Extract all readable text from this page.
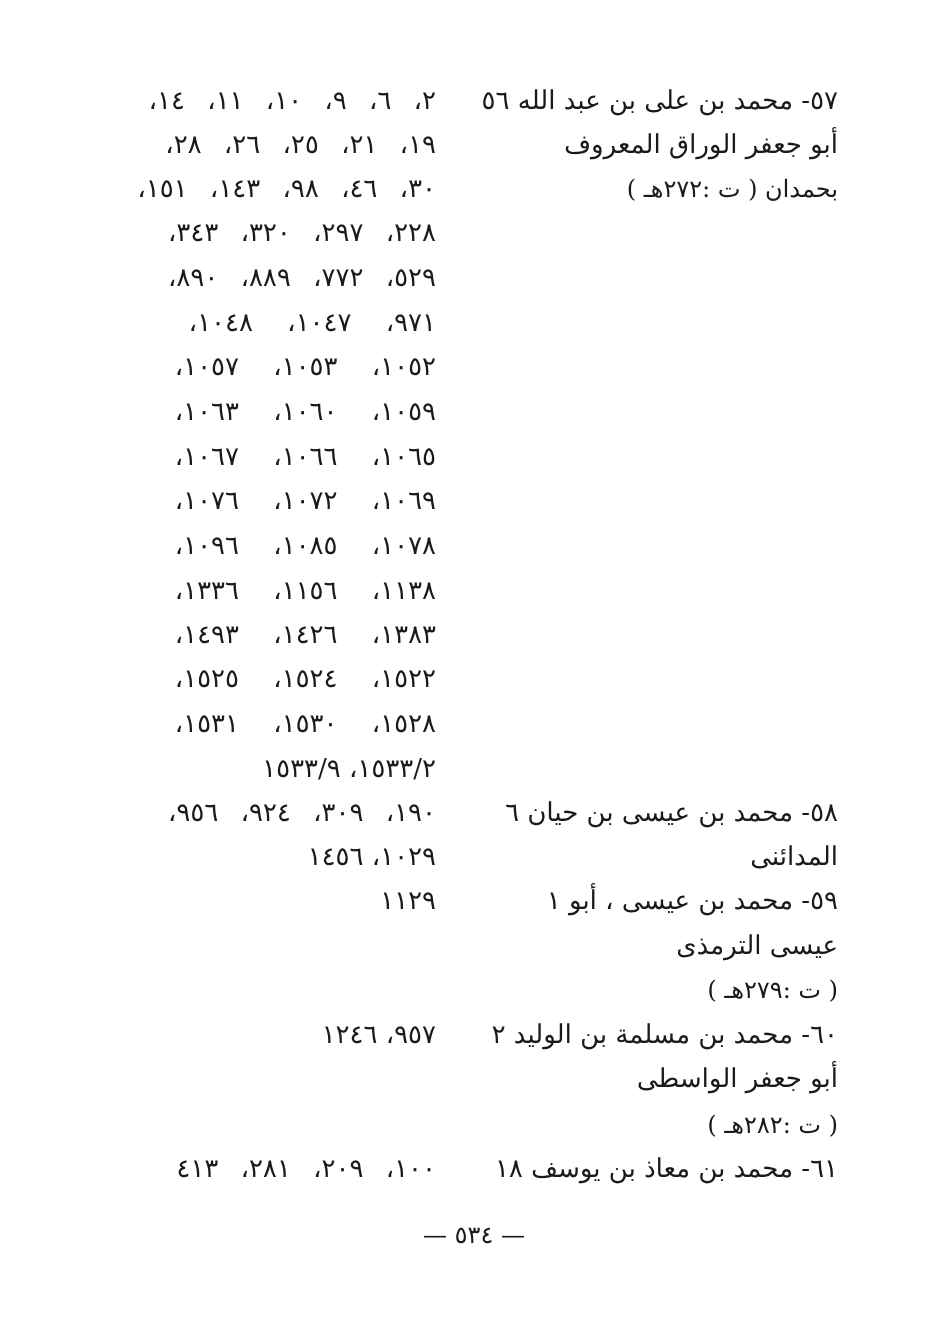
٥٧- محمد بن على بن عبد الله ٥٦
أبو جعفر الوراق المعروف
بحمدان ( ت :٢٧٢هـ )
٢، ٦، ٩، ١٠، ١١، ١٤،
١٩، ٢١، ٢٥، ٢٦، ٢٨،
٣٠، ٤٦، ٩٨، ١٤٣، ١٥١،
٢٢٨، ٢٩٧، ٣٢٠، ٣٤٣،
٥٢٩، ٧٧٢، ٨٨٩، ٨٩٠،
٩٧١، ١٠٤٧، ١٠٤٨،
١٠٥٢، ١٠٥٣، ١٠٥٧،
١٠٥٩، ١٠٦٠، ١٠٦٣،
١٠٦٥، ١٠٦٦، ١٠٦٧،
١٠٦٩، ١٠٧٢، ١٠٧٦،
١٠٧٨، ١٠٨٥، ١٠٩٦،
١١٣٨، ١١٥٦، ١٣٣٦،
١٣٨٣، ١٤٢٦، ١٤٩٣،
١٥٢٢، ١٥٢٤، ١٥٢٥،
١٥٢٨، ١٥٣٠، ١٥٣١،
١٥٣٣/٢، ١٥٣٣/٩
٥٨- محمد بن عيسى بن حيان ٦
المدائنى
١٩٠، ٣٠٩، ٩٢٤، ٩٥٦،
١٠٢٩، ١٤٥٦
٥٩- محمد بن عيسى ، أبو ١
عيسى الترمذى
( ت :٢٧٩هـ )
١١٢٩
٦٠- محمد بن مسلمة بن الوليد ٢
أبو جعفر الواسطى
( ت :٢٨٢هـ )
٩٥٧، ١٢٤٦
٦١- محمد بن معاذ بن يوسف ١٨
١٠٠، ٢٠٩، ٢٨١، ٤١٣
— ٥٣٤ —
